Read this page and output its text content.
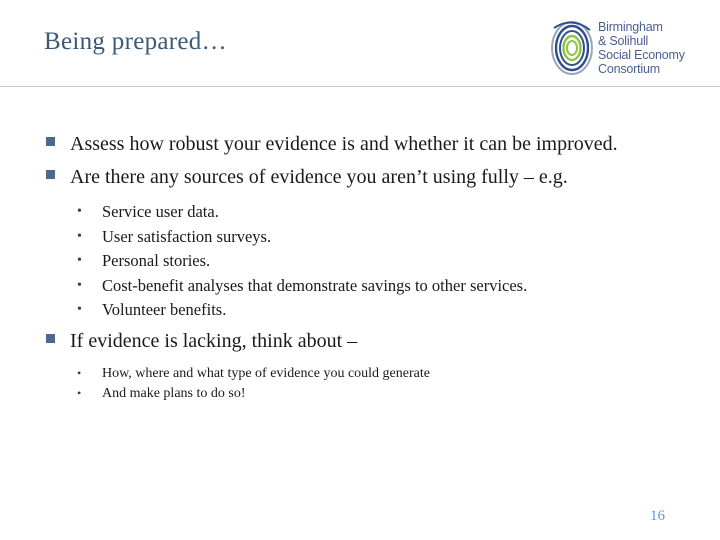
Being prepared…
Birmingham
& Solihull
Social Economy
Consortium
Assess how robust your evidence is and whether it can be improved.
Are there any sources of evidence you aren’t using fully – e.g.
• Service user data.
• User satisfaction surveys.
• Personal stories.
• Cost-benefit analyses that demonstrate savings to other services.
• Volunteer benefits.
If evidence is lacking, think about –
• How, where and what type of evidence you could generate
• And make plans to do so!
16
